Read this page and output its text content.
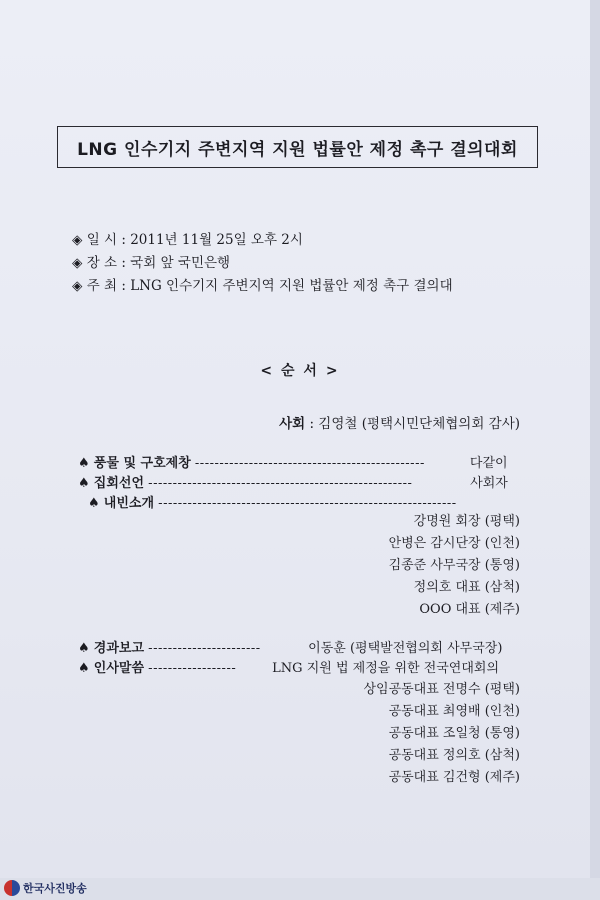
LNG 인수기지 주변지역 지원 법률안 제정 촉구 결의대회
◈ 일 시 : 2011년 11월 25일 오후 2시
◈ 장 소 : 국회 앞 국민은행
◈ 주 최 : LNG 인수기지 주변지역 지원 법률안 제정 촉구 결의대
< 순 서 >
사회 : 김영철 (평택시민단체협의회 감사)
♠ 풍물 및 구호제창 -----------------------------------------------	다같이
♠ 집회선언 ------------------------------------------------------	사회자
♠ 내빈소개 -------------------------------------------------------------
강명원 회장 (평택)
안병은 감시단장 (인천)
김종준 사무국장 (통영)
정의호 대표 (삼척)
OOO 대표 (제주)
♠ 경과보고 -----------------------	이동훈 (평택발전협의회 사무국장)
♠ 인사말씀 ------------------	LNG 지원 법 제정을 위한 전국연대회의
상임공동대표 전명수 (평택)
공동대표 최영배 (인천)
공동대표 조일청 (통영)
공동대표 정의호 (삼척)
공동대표 김건형 (제주)
한국사진방송
